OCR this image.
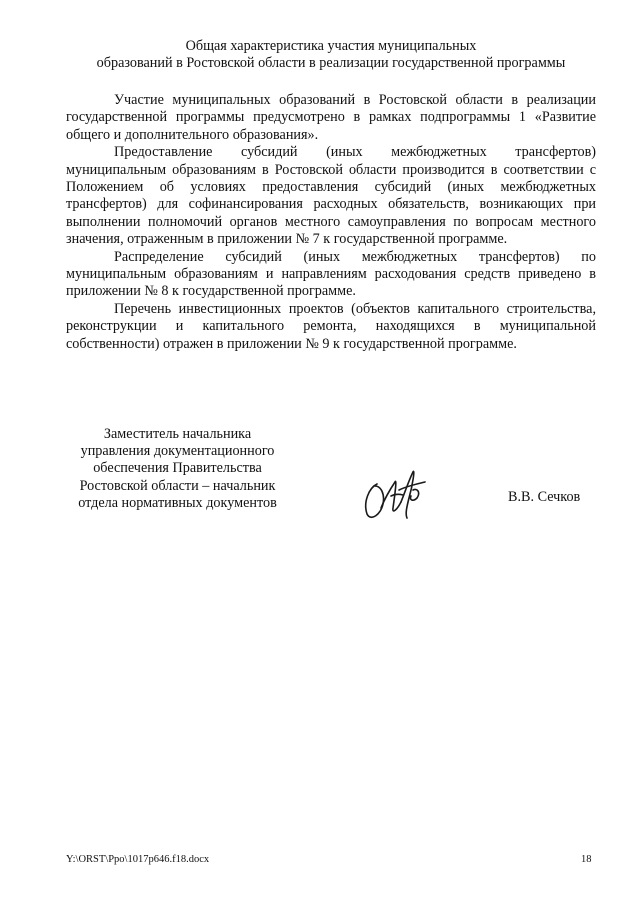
Общая характеристика участия муниципальных
образований в Ростовской области в реализации государственной программы

Участие муниципальных образований в Ростовской области в реализации государственной программы предусмотрено в рамках подпрограммы 1 «Развитие общего и дополнительного образования».

Предоставление субсидий (иных межбюджетных трансфертов) муниципальным образованиям в Ростовской области производится в соответствии с Положением об условиях предоставления субсидий (иных межбюджетных трансфертов) для софинансирования расходных обязательств, возникающих при выполнении полномочий органов местного самоуправления по вопросам местного значения, отраженным в приложении № 7 к государственной программе.

Распределение субсидий (иных межбюджетных трансфертов) по муниципальным образованиям и направлениям расходования средств приведено в приложении № 8 к государственной программе.

Перечень инвестиционных проектов (объектов капитального строительства, реконструкции и капитального ремонта, находящихся в муниципальной собственности) отражен в приложении № 9 к государственной программе.

Заместитель начальника
управления документационного
обеспечения Правительства
Ростовской области – начальник
отдела нормативных документов	В.В. Сечков
Y:\ORST\Ppo\1017p646.f18.docx	18
